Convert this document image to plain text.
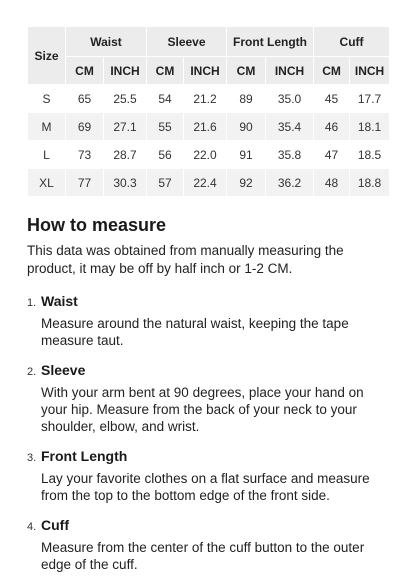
Size	Waist		Sleeve		Front Length		Cuff	
	CM	INCH	CM	INCH	CM	INCH	CM	INCH
S	65	25.5	54	21.2	89	35.0	45	17.7
M	69	27.1	55	21.6	90	35.4	46	18.1
L	73	28.7	56	22.0	91	35.8	47	18.5
XL	77	30.3	57	22.4	92	36.2	48	18.8
How to measure

This data was obtained from manually measuring the product, it may be off by half inch or 1-2 CM.

1. Waist
Measure around the natural waist, keeping the tape measure taut.
2. Sleeve
With your arm bent at 90 degrees, place your hand on your hip. Measure from the back of your neck to your shoulder, elbow, and wrist.
3. Front Length
Lay your favorite clothes on a flat surface and measure from the top to the bottom edge of the front side.
4. Cuff
Measure from the center of the cuff button to the outer edge of the cuff.
